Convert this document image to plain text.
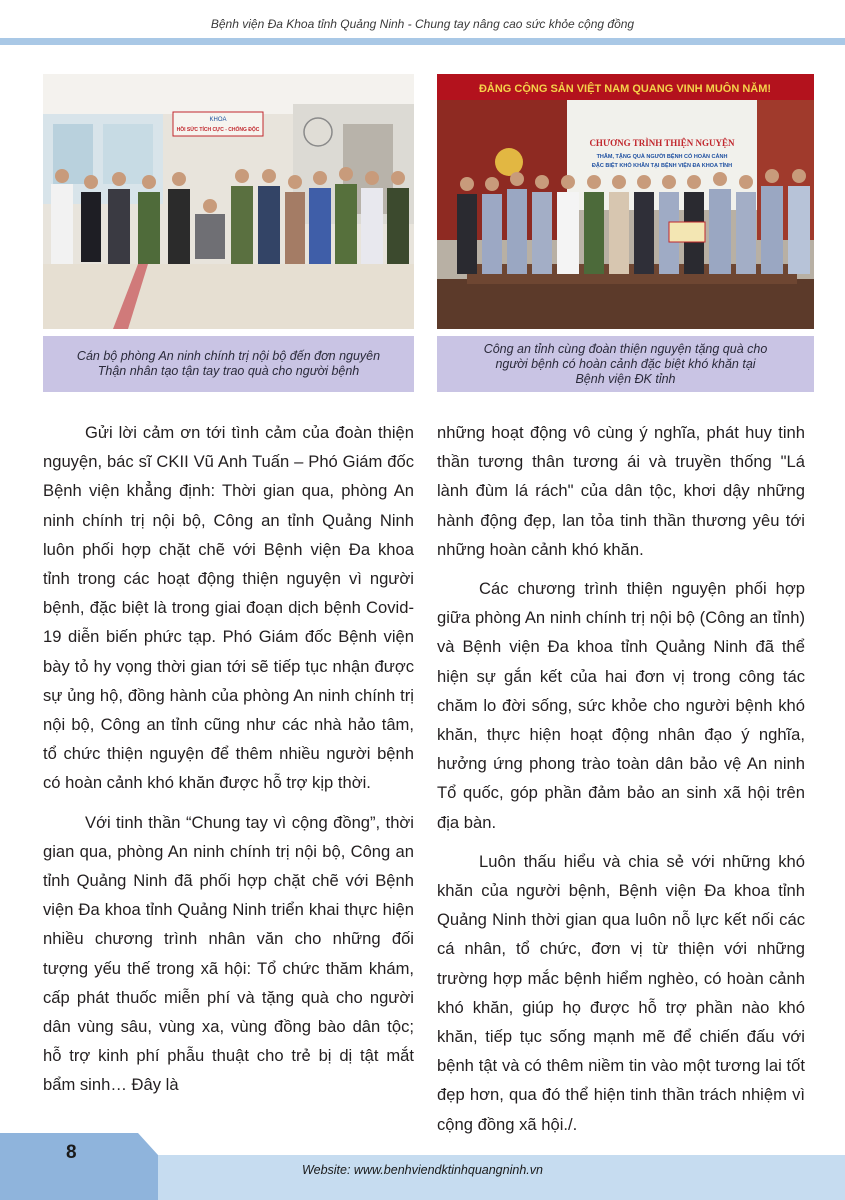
Bệnh viện Đa Khoa tỉnh Quảng Ninh - Chung tay nâng cao sức khỏe cộng đồng
KHOA
HỒI SỨC TÍCH CỰC - CHỐNG ĐỘC
ĐẢNG CỘNG SẢN VIỆT NAM QUANG VINH MUÔN NĂM!
CHƯƠNG TRÌNH THIỆN NGUYỆN
THĂM, TẶNG QUÀ NGƯỜI BỆNH CÓ HOÀN CẢNH
ĐẶC BIỆT KHÓ KHĂN TẠI BỆNH VIỆN ĐA KHOA TỈNH
Cán bộ phòng An ninh chính trị nội bộ đến đơn nguyên
Thận nhân tạo tận tay trao quà cho người bệnh
Công an tỉnh cùng đoàn thiện nguyện tặng quà cho
người bệnh có hoàn cảnh đặc biệt khó khăn tại
Bệnh viện ĐK tỉnh

Gửi lời cảm ơn tới tình cảm của đoàn thiện nguyện, bác sĩ CKII Vũ Anh Tuấn – Phó Giám đốc Bệnh viện khẳng định: Thời gian qua, phòng An ninh chính trị nội bộ, Công an tỉnh Quảng Ninh luôn phối hợp chặt chẽ với Bệnh viện Đa khoa tỉnh trong các hoạt động thiện nguyện vì người bệnh, đặc biệt là trong giai đoạn dịch bệnh Covid-19 diễn biến phức tạp. Phó Giám đốc Bệnh viện bày tỏ hy vọng thời gian tới sẽ tiếp tục nhận được sự ủng hộ, đồng hành của phòng An ninh chính trị nội bộ, Công an tỉnh cũng như các nhà hảo tâm, tổ chức thiện nguyện để thêm nhiều người bệnh có hoàn cảnh khó khăn được hỗ trợ kịp thời.

Với tinh thần “Chung tay vì cộng đồng”, thời gian qua, phòng An ninh chính trị nội bộ, Công an tỉnh Quảng Ninh đã phối hợp chặt chẽ với Bệnh viện Đa khoa tỉnh Quảng Ninh triển khai thực hiện nhiều chương trình nhân văn cho những đối tượng yếu thế trong xã hội: Tổ chức thăm khám, cấp phát thuốc miễn phí và tặng quà cho người dân vùng sâu, vùng xa, vùng đồng bào dân tộc; hỗ trợ kinh phí phẫu thuật cho trẻ bị dị tật mắt bẩm sinh… Đây là

những hoạt động vô cùng ý nghĩa, phát huy tinh thần tương thân tương ái và truyền thống "Lá lành đùm lá rách" của dân tộc, khơi dậy những hành động đẹp, lan tỏa tinh thần thương yêu tới những hoàn cảnh khó khăn.

Các chương trình thiện nguyện phối hợp giữa phòng An ninh chính trị nội bộ (Công an tỉnh) và Bệnh viện Đa khoa tỉnh Quảng Ninh đã thể hiện sự gắn kết của hai đơn vị trong công tác chăm lo đời sống, sức khỏe cho người bệnh khó khăn, thực hiện hoạt động nhân đạo ý nghĩa, hưởng ứng phong trào toàn dân bảo vệ An ninh Tổ quốc, góp phần đảm bảo an sinh xã hội trên địa bàn.

Luôn thấu hiểu và chia sẻ với những khó khăn của người bệnh, Bệnh viện Đa khoa tỉnh Quảng Ninh thời gian qua luôn nỗ lực kết nối các cá nhân, tổ chức, đơn vị từ thiện với những trường hợp mắc bệnh hiểm nghèo, có hoàn cảnh khó khăn, giúp họ được hỗ trợ phần nào khó khăn, tiếp tục sống mạnh mẽ để chiến đấu với bệnh tật và có thêm niềm tin vào một tương lai tốt đẹp hơn, qua đó thể hiện tinh thần trách nhiệm vì cộng đồng xã hội./.

8
Website: www.benhviendktinhquangninh.vn
